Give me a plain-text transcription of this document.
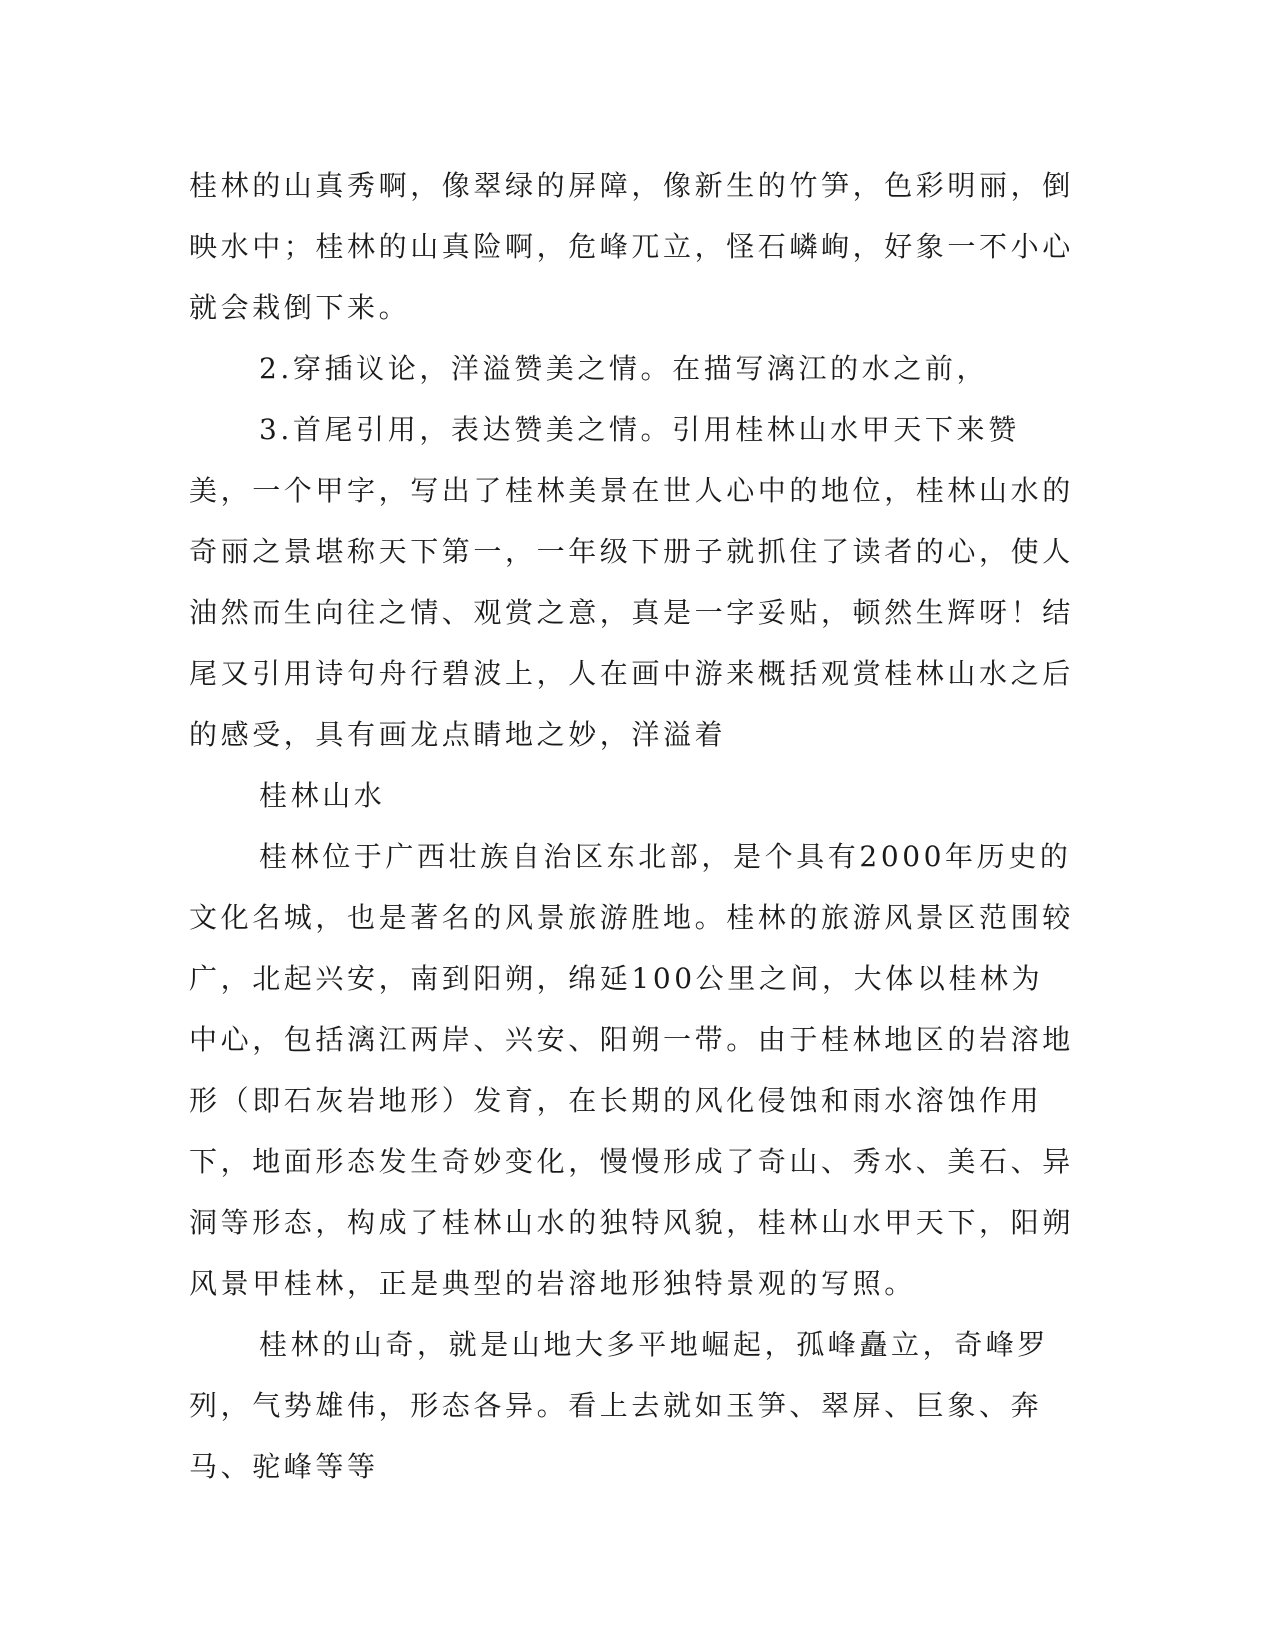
桂林的山真秀啊，像翠绿的屏障，像新生的竹笋，色彩明丽，倒映水中；桂林的山真险啊，危峰兀立，怪石嶙峋，好象一不小心就会栽倒下来。

2.穿插议论，洋溢赞美之情。在描写漓江的水之前，

3.首尾引用，表达赞美之情。引用桂林山水甲天下来赞美，一个甲字，写出了桂林美景在世人心中的地位，桂林山水的奇丽之景堪称天下第一，一年级下册子就抓住了读者的心，使人油然而生向往之情、观赏之意，真是一字妥贴，顿然生辉呀！结尾又引用诗句舟行碧波上，人在画中游来概括观赏桂林山水之后的感受，具有画龙点睛地之妙，洋溢着

桂林山水

桂林位于广西壮族自治区东北部，是个具有2000年历史的文化名城，也是著名的风景旅游胜地。桂林的旅游风景区范围较广，北起兴安，南到阳朔，绵延100公里之间，大体以桂林为中心，包括漓江两岸、兴安、阳朔一带。由于桂林地区的岩溶地形（即石灰岩地形）发育，在长期的风化侵蚀和雨水溶蚀作用下，地面形态发生奇妙变化，慢慢形成了奇山、秀水、美石、异洞等形态，构成了桂林山水的独特风貌，桂林山水甲天下，阳朔风景甲桂林，正是典型的岩溶地形独特景观的写照。

桂林的山奇，就是山地大多平地崛起，孤峰矗立，奇峰罗列，气势雄伟，形态各异。看上去就如玉笋、翠屏、巨象、奔马、驼峰等等
